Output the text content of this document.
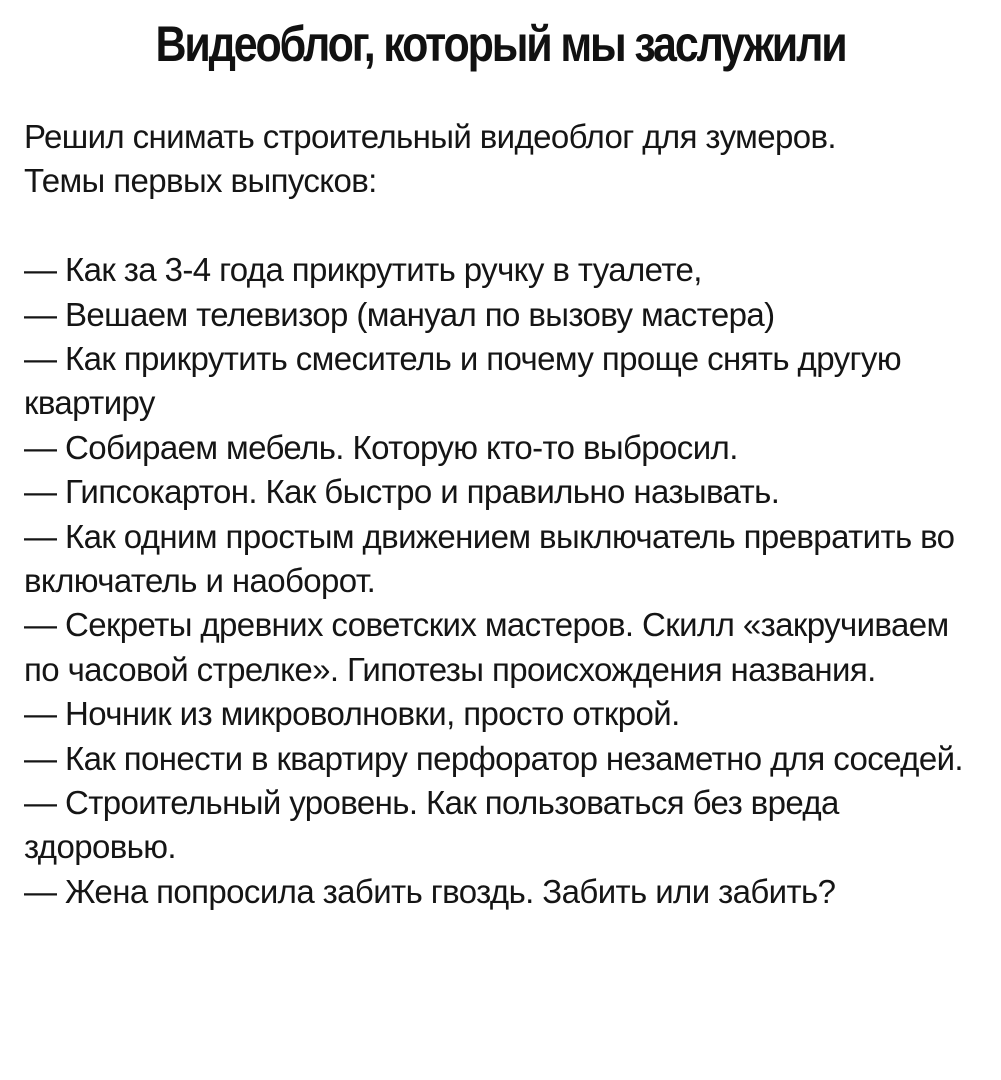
Видеоблог, который мы заслужили
Решил снимать строительный видеоблог для зумеров.
Темы первых выпусков:
— Как за 3-4 года прикрутить ручку в туалете,
— Вешаем телевизор (мануал по вызову мастера)
— Как прикрутить смеситель и почему проще снять другую квартиру
— Собираем мебель. Которую кто-то выбросил.
— Гипсокартон. Как быстро и правильно называть.
— Как одним простым движением выключатель превратить во включатель и наоборот.
— Секреты древних советских мастеров. Скилл «закручиваем по часовой стрелке». Гипотезы происхождения названия.
— Ночник из микроволновки, просто открой.
— Как понести в квартиру перфоратор незаметно для соседей.
— Строительный уровень. Как пользоваться без вреда здоровью.
— Жена попросила забить гвоздь. Забить или забить?
